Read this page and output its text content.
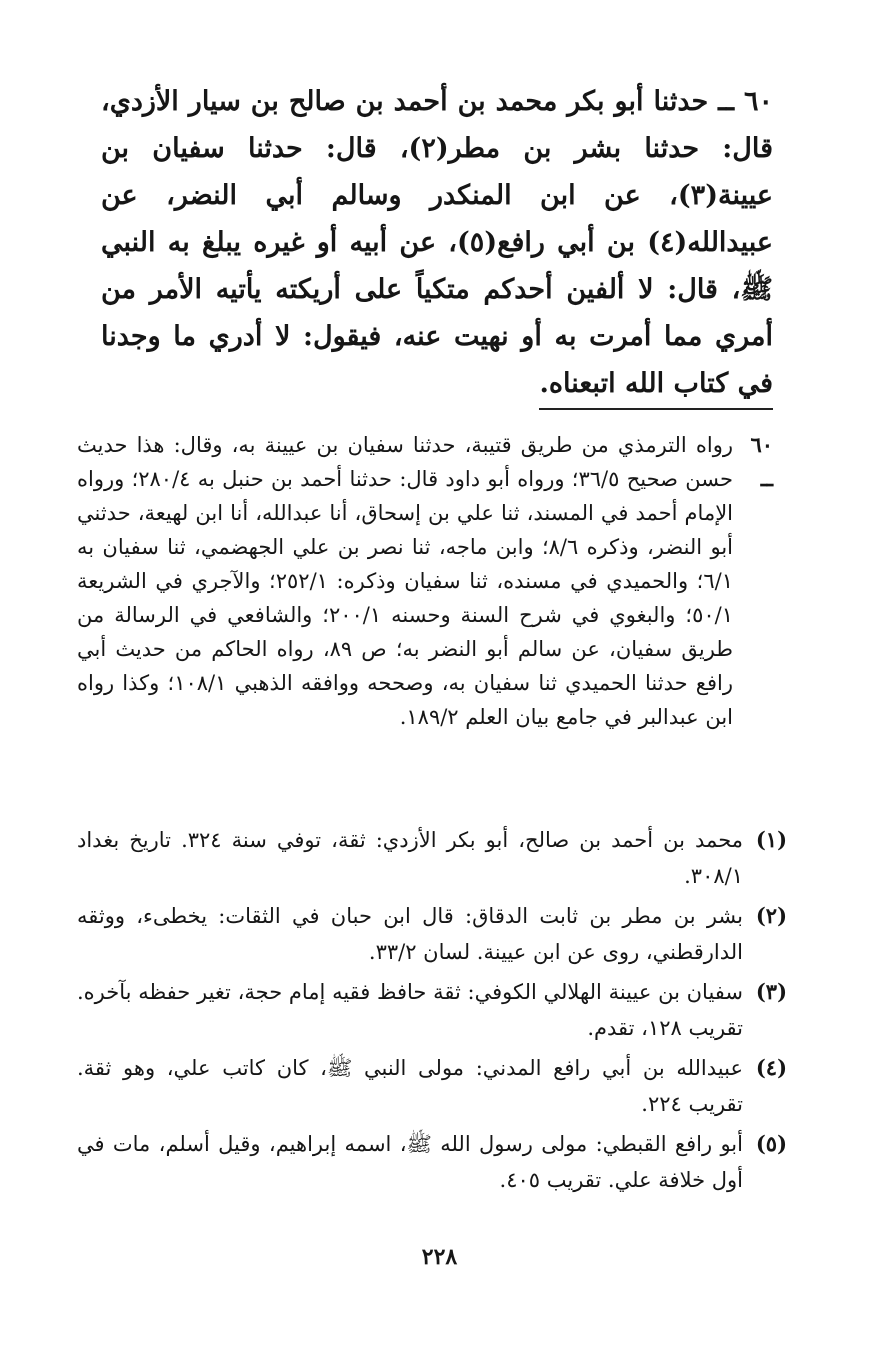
٦٠ ــ حدثنا أبو بكر محمد بن أحمد بن صالح بن سيار الأزدي، قال: حدثنا بشر بن مطر(٢)، قال: حدثنا سفيان بن عيينة(٣)، عن ابن المنكدر وسالم أبي النضر، عن عبيدالله(٤) بن أبي رافع(٥)، عن أبيه أو غيره يبلغ به النبي ﷺ، قال: لا ألفين أحدكم متكياً على أريكته يأتيه الأمر من أمري مما أمرت به أو نهيت عنه، فيقول: لا أدري ما وجدنا في كتاب الله اتبعناه.

٦٠ ــ

رواه الترمذي من طريق قتيبة، حدثنا سفيان بن عيينة به، وقال: هذا حديث حسن صحيح ٣٦/٥؛ ورواه أبو داود قال: حدثنا أحمد بن حنبل به ٢٨٠/٤؛ ورواه الإمام أحمد في المسند، ثنا علي بن إسحاق، أنا عبدالله، أنا ابن لهيعة، حدثني أبو النضر، وذكره ٨/٦؛ وابن ماجه، ثنا نصر بن علي الجهضمي، ثنا سفيان به ٦/١؛ والحميدي في مسنده، ثنا سفيان وذكره: ٢٥٢/١؛ والآجري في الشريعة ٥٠/١؛ والبغوي في شرح السنة وحسنه ٢٠٠/١؛ والشافعي في الرسالة من طريق سفيان، عن سالم أبو النضر به؛ ص ٨٩، رواه الحاكم من حديث أبي رافع حدثنا الحميدي ثنا سفيان به، وصححه ووافقه الذهبي ١٠٨/١؛ وكذا رواه ابن عبدالبر في جامع بيان العلم ١٨٩/٢.

(١)

محمد بن أحمد بن صالح، أبو بكر الأزدي: ثقة، توفي سنة ٣٢٤. تاريخ بغداد ٣٠٨/١.

(٢)

بشر بن مطر بن ثابت الدقاق: قال ابن حبان في الثقات: يخطىء، ووثقه الدارقطني، روى عن ابن عيينة. لسان ٣٣/٢.

(٣)

سفيان بن عيينة الهلالي الكوفي: ثقة حافظ فقيه إمام حجة، تغير حفظه بآخره. تقريب ١٢٨، تقدم.

(٤)

عبيدالله بن أبي رافع المدني: مولى النبي ﷺ، كان كاتب علي، وهو ثقة. تقريب ٢٢٤.

(٥)

أبو رافع القبطي: مولى رسول الله ﷺ، اسمه إبراهيم، وقيل أسلم، مات في أول خلافة علي. تقريب ٤٠٥.

٢٢٨
